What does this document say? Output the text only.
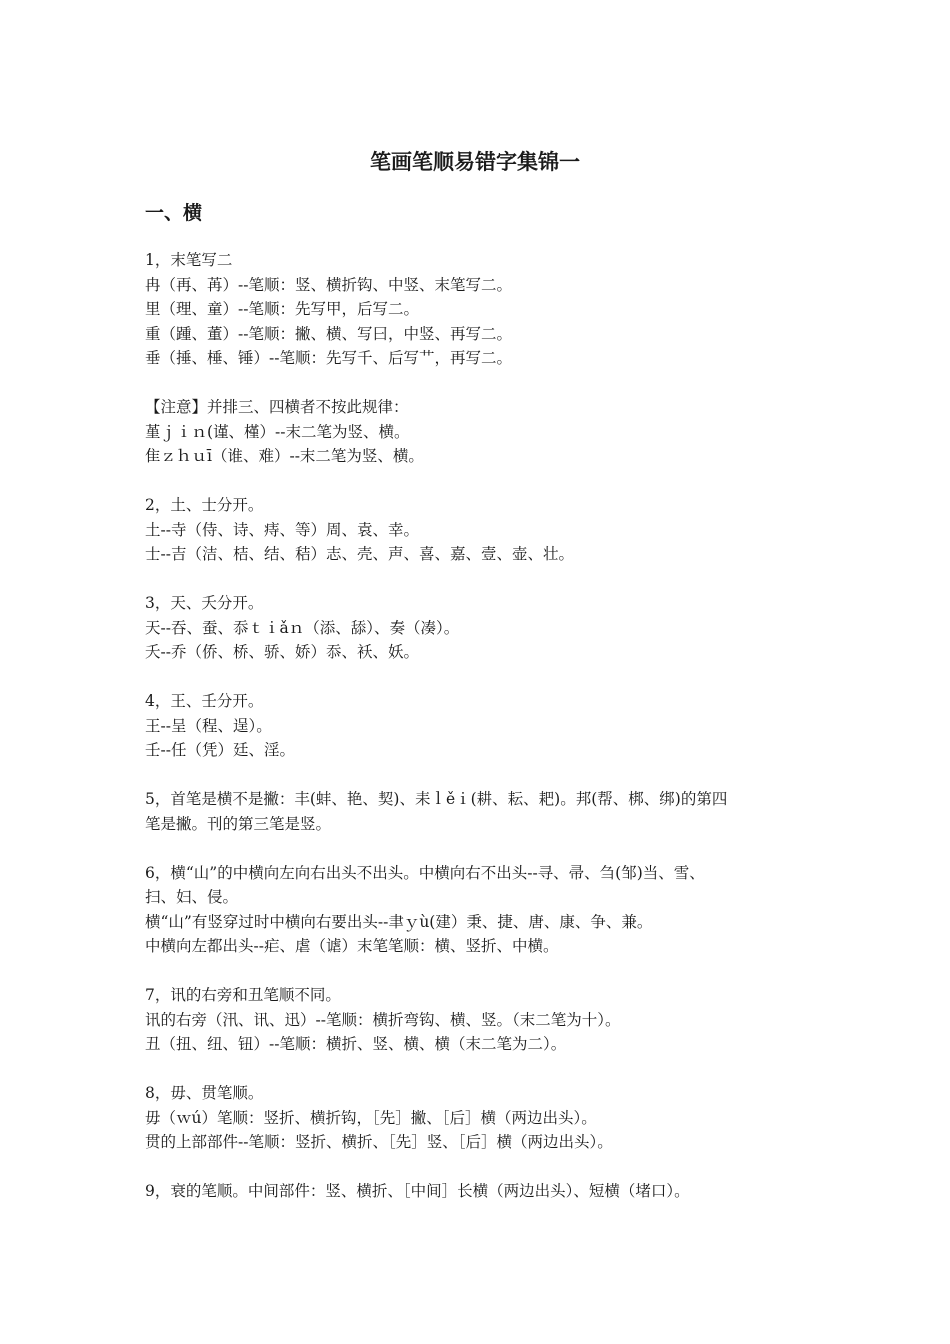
笔画笔顺易错字集锦一
一、横

1，末笔写二
冉（再、苒）--笔顺：竖、横折钩、中竖、末笔写二。
里（理、童）--笔顺：先写甲，后写二。
重（踵、董）--笔顺：撇、横、写曰，中竖、再写二。
垂（捶、棰、锤）--笔顺：先写千、后写艹，再写二。

【注意】并排三、四横者不按此规律：
堇ｊｉｎ(谨、槿）--末二笔为竖、横。
隹ｚｈｕī（谁、难）--末二笔为竖、横。

2，土、士分开。
土--寺（侍、诗、痔、等）周、袁、幸。
士--吉（洁、桔、结、秸）志、壳、声、喜、嘉、壹、壶、壮。

3，天、夭分开。
天--吞、蚕、忝ｔｉǎｎ（添、舔）、奏（凑）。
夭--乔（侨、桥、骄、娇）忝、袄、妖。

4，王、壬分开。
王--呈（程、逞）。
壬--任（凭）廷、淫。

5，首笔是横不是撇：丰(蚌、艳、契)、耒ｌěｉ(耕、耘、耙)。邦(帮、梆、绑)的第四
笔是撇。刊的第三笔是竖。

6，横“山”的中横向左向右出头不出头。中横向右不出头--寻、帚、刍(邹)当、雪、
扫、妇、侵。
横“山”有竖穿过时中横向右要出头--聿ｙù(建）秉、捷、唐、康、争、兼。
中横向左都出头--疟、虐（谑）末笔笔顺：横、竖折、中横。

7，讯的右旁和丑笔顺不同。
讯的右旁（汛、讯、迅）--笔顺：横折弯钩、横、竖。（末二笔为十）。
丑（扭、纽、钮）--笔顺：横折、竖、横、横（末二笔为二）。

8，毋、贯笔顺。
毋（ｗú）笔顺：竖折、横折钩，［先］撇、［后］横（两边出头）。
贯的上部部件--笔顺：竖折、横折、［先］竖、［后］横（两边出头）。

9，衰的笔顺。中间部件：竖、横折、［中间］长横（两边出头）、短横（堵口）。
